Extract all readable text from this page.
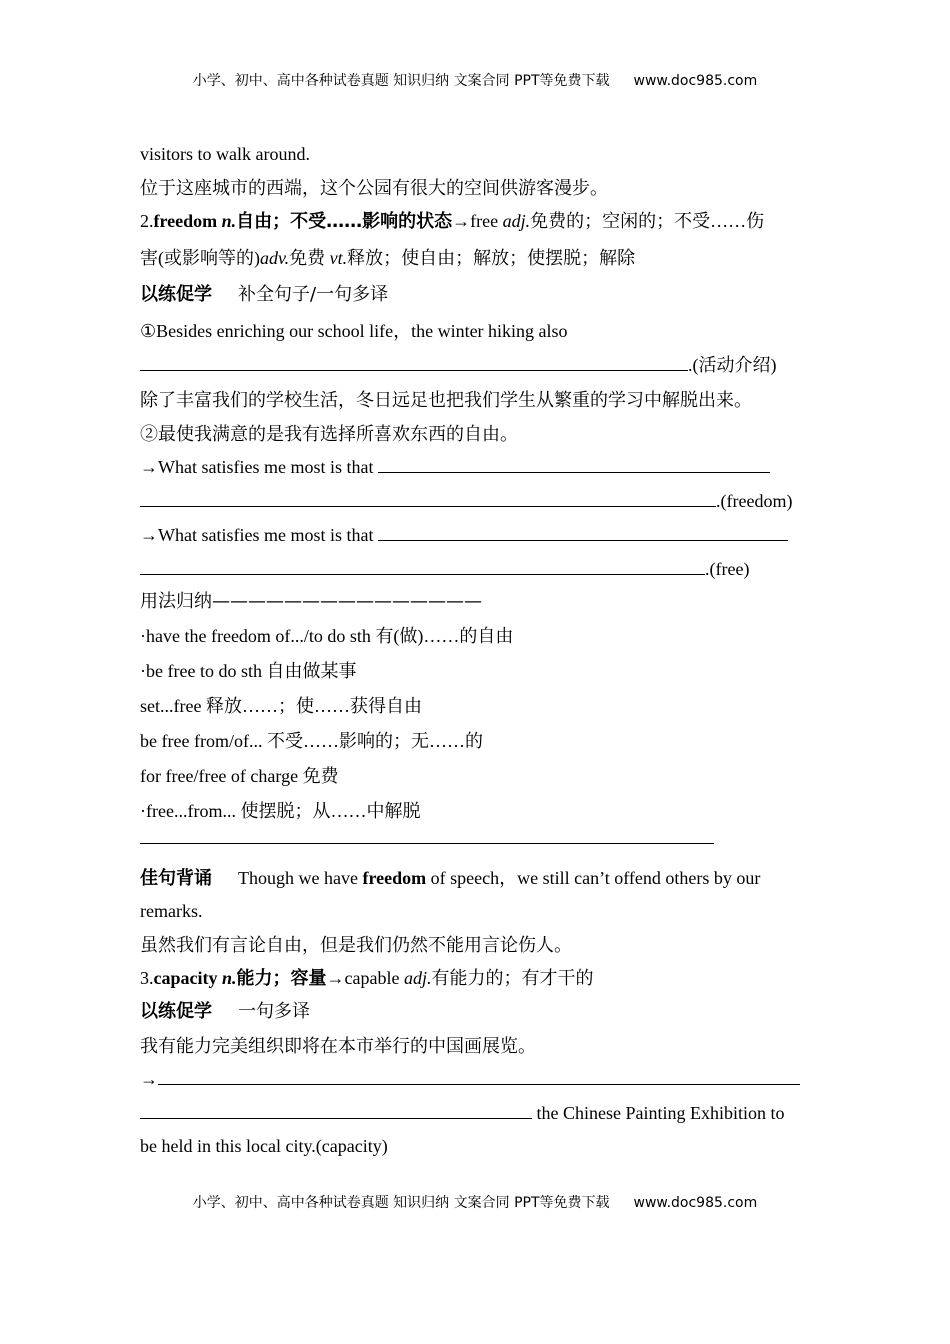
小学、初中、高中各种试卷真题 知识归纳 文案合同 PPT等免费下载 www.doc985.com
visitors to walk around.
位于这座城市的西端，这个公园有很大的空间供游客漫步。
2.freedom n.自由；不受……影响的状态→free adj.免费的；空闲的；不受……伤
害(或影响等的)adv.免费 vt.释放；使自由；解放；使摆脱；解除
以练促学 补全句子/一句多译
①Besides enriching our school life，the winter hiking also
.(活动介绍)
除了丰富我们的学校生活，冬日远足也把我们学生从繁重的学习中解脱出来。
②最使我满意的是我有选择所喜欢东西的自由。
→What satisfies me most is that
.(freedom)
→What satisfies me most is that
.(free)
用法归纳———————————————
·have the freedom of.../to do sth 有(做)……的自由
·be free to do sth 自由做某事
set...free 释放……；使……获得自由
be free from/of... 不受……影响的；无……的
for free/free of charge 免费
·free...from... 使摆脱；从……中解脱
佳句背诵 Though we have freedom of speech，we still can’t offend others by our
remarks.
虽然我们有言论自由，但是我们仍然不能用言论伤人。
3.capacity n.能力；容量→capable adj.有能力的；有才干的
以练促学 一句多译
我有能力完美组织即将在本市举行的中国画展览。
→
the Chinese Painting Exhibition to
be held in this local city.(capacity)
小学、初中、高中各种试卷真题 知识归纳 文案合同 PPT等免费下载 www.doc985.com
